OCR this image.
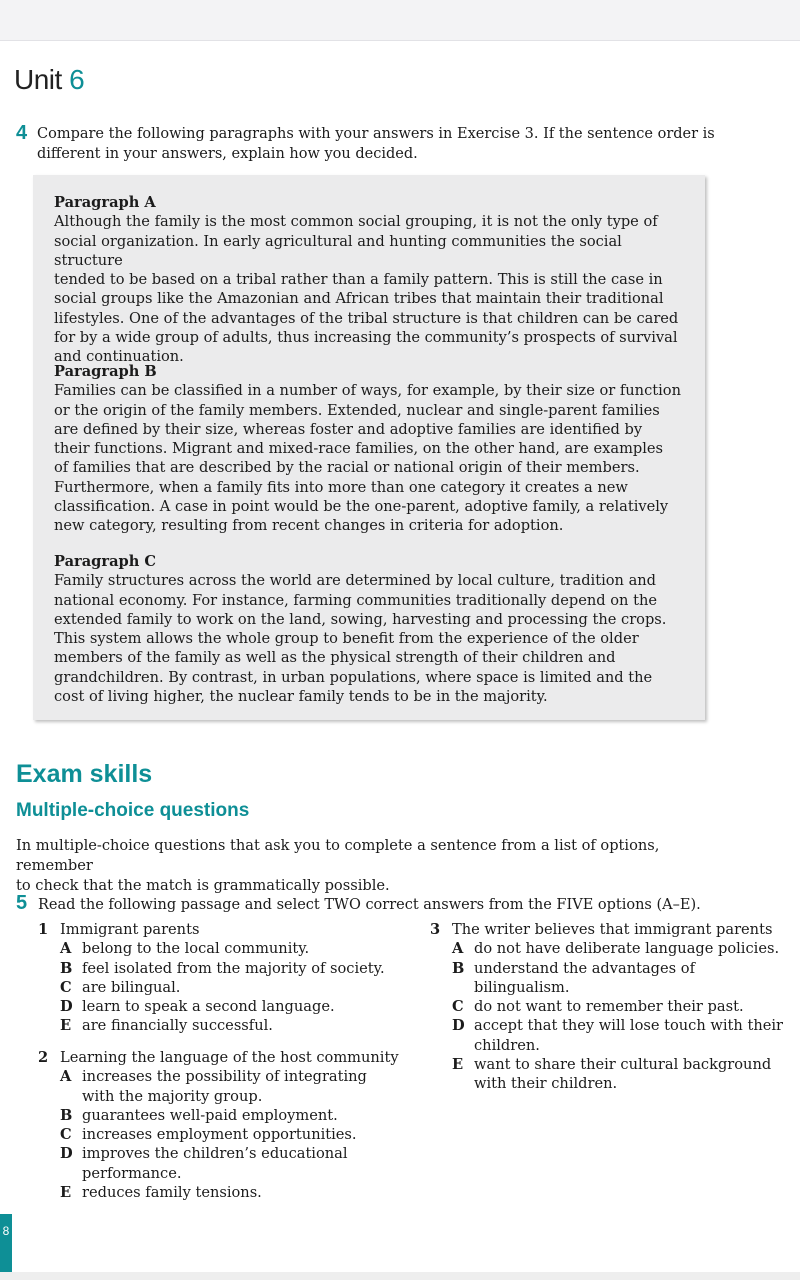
Unit 6
4 Compare the following paragraphs with your answers in Exercise 3. If the sentence order is
different in your answers, explain how you decided.
Paragraph A

Although the family is the most common social grouping, it is not the only type of

social organization. In early agricultural and hunting communities the social structure

tended to be based on a tribal rather than a family pattern. This is still the case in

social groups like the Amazonian and African tribes that maintain their traditional

lifestyles. One of the advantages of the tribal structure is that children can be cared

for by a wide group of adults, thus increasing the community’s prospects of survival

and continuation.

Paragraph B

Families can be classified in a number of ways, for example, by their size or function

or the origin of the family members. Extended, nuclear and single-parent families

are defined by their size, whereas foster and adoptive families are identified by

their functions. Migrant and mixed-race families, on the other hand, are examples

of families that are described by the racial or national origin of their members.

Furthermore, when a family fits into more than one category it creates a new

classification. A case in point would be the one-parent, adoptive family, a relatively

new category, resulting from recent changes in criteria for adoption.

Paragraph C

Family structures across the world are determined by local culture, tradition and

national economy. For instance, farming communities traditionally depend on the

extended family to work on the land, sowing, harvesting and processing the crops.

This system allows the whole group to benefit from the experience of the older

members of the family as well as the physical strength of their children and

grandchildren. By contrast, in urban populations, where space is limited and the

cost of living higher, the nuclear family tends to be in the majority.

Exam skills
Multiple-choice questions
In multiple-choice questions that ask you to complete a sentence from a list of options, remember
to check that the match is grammatically possible.
5 Read the following passage and select TWO correct answers from the FIVE options (A–E).
1 Immigrant parents
A belong to the local community.
B feel isolated from the majority of society.
C are bilingual.
D learn to speak a second language.
E are financially successful.
2 Learning the language of the host community
A increases the possibility of integrating
with the majority group.
B guarantees well-paid employment.
C increases employment opportunities.
D improves the children’s educational
performance.
E reduces family tensions.
3 The writer believes that immigrant parents
A do not have deliberate language policies.
B understand the advantages of
bilingualism.
C do not want to remember their past.
D accept that they will lose touch with their
children.
E want to share their cultural background
with their children.
8
